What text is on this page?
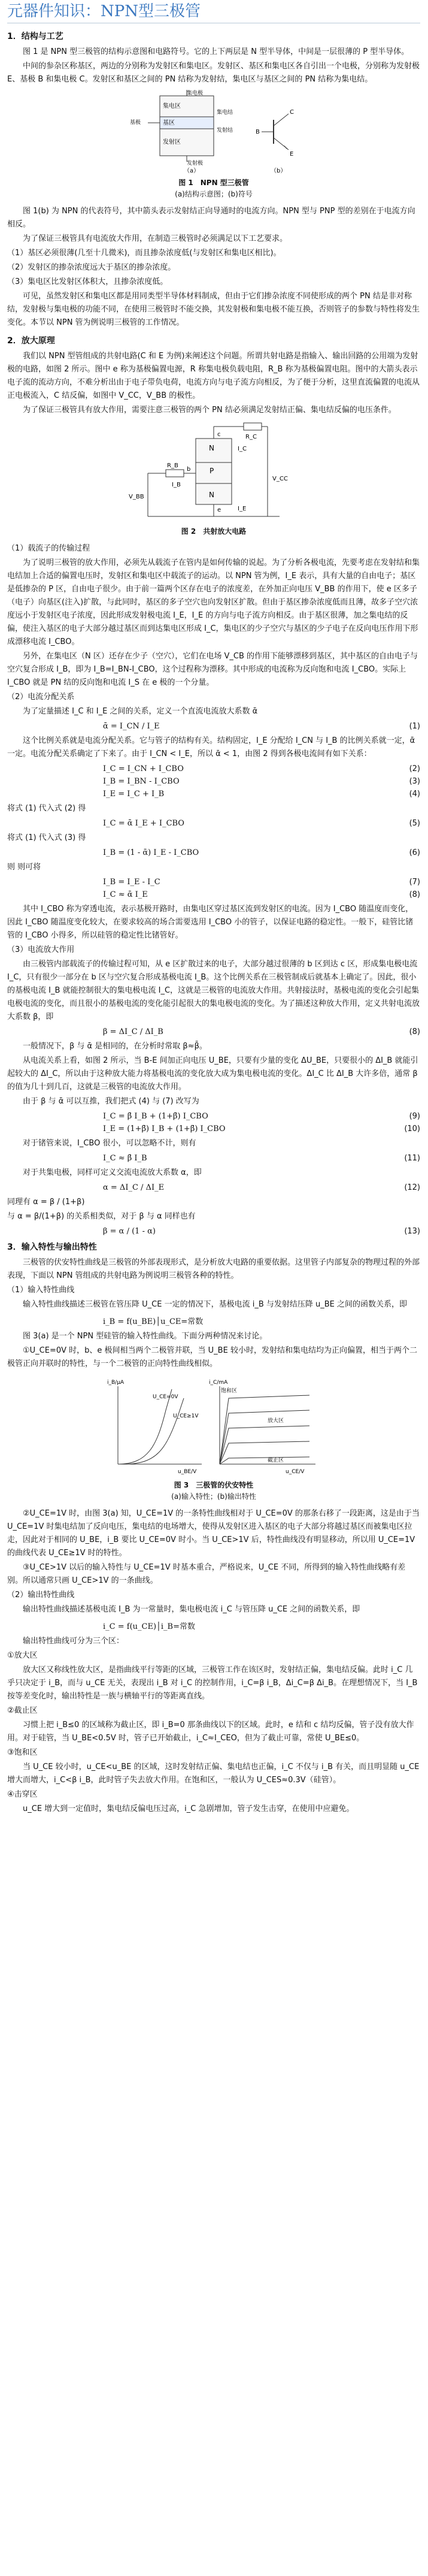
元器件知识：NPN型三极管
1．结构与工艺

图 1 是 NPN 型三极管的结构示意图和电路符号。它的上下两层是 N 型半导体，中间是一层很薄的 P 型半导体。

中间的参杂区称基区，两边的分别称为发射区和集电区。发射区、基区和集电区各自引出一个电极，分别称为发射极 E、基极 B 和集电极 C。发射区和基区之间的 PN 结称为发射结，集电区与基区之间的 PN 结称为集电结。

集电区
基区
发射区
集电极
集电结
基极
发射结
发射极
（a）
B
C
E
（b）
图 1　NPN 型三极管
(a)结构示意图；(b)符号

图 1(b) 为 NPN 的代表符号，其中箭头表示发射结正向导通时的电流方向。NPN 型与 PNP 型的差别在于电流方向相反。

为了保证三极管具有电流放大作用，在制造三极管时必须满足以下工艺要求。

（1）基区必须很薄(几至十几微米)，而且掺杂浓度低(与发射区和集电区相比)。

（2）发射区的掺杂浓度远大于基区的掺杂浓度。

（3）集电区比发射区体积大，且掺杂浓度低。

可见，虽然发射区和集电区都是用同类型半导体材料制成，但由于它们掺杂浓度不同使形成的两个 PN 结是非对称结，发射极与集电极的功能不同，在使用三极管时不能交换，其发射极和集电极不能互换，否则管子的参数与特性将发生变化。本节以 NPN 管为例说明三极管的工作情况。

2．放大原理

我们以 NPN 型管组成的共射电路(C 和 E 为例)来阐述这个问题。所谓共射电路是指输入、输出回路的公用端为发射极的电路，如图 2 所示。图中 e 称为基极偏置电源，R 称集电极负载电阻，R_B 称为基极偏置电阻。图中的大箭头表示电子流的流动方向，不难分析出由于电子带负电荷，电流方向与电子流方向相反，为了便于分析，这里直流偏置的电流从正电极流入，C 结反偏，如图中 V_CC，V_BB 的极性。

为了保证三极管具有放大作用，需要注意三极管的两个 PN 结必须满足发射结正偏、集电结反偏的电压条件。

N
P
N
R_B
R_C
V_BB
V_CC
b
c
e
I_C
I_B
I_E
图 2　共射放大电路

（1）载流子的传输过程

为了说明三极管的放大作用，必须先从载流子在管内是如何传输的说起。为了分析各极电流，先要考虑在发射结和集电结加上合适的偏置电压时，发射区和集电区中载流子的运动。以 NPN 管为例，I_E 表示，具有大量的自由电子；基区是低掺杂的 P 区，自由电子很少。由于前一篇两个区存在电子的浓度差，在外加正向电压 V_BB 的作用下，使 e 区多子（电子）向基区(注入)扩散，与此同时，基区的多子空穴也向发射区扩散。但由于基区掺杂浓度低而且薄，故多子空穴浓度远小于发射区电子浓度，因此形成发射极电流 I_E，I_E 的方向与电子流方向相反。由于基区很薄，加之集电结的反偏，使注入基区的电子大部分越过基区而到达集电区形成 I_C，集电区的少子空穴与基区的少子电子在反向电压作用下形成漂移电流 I_CBO。

另外，在集电区（N 区）还存在少子（空穴），它们在电场 V_CB 的作用下能够漂移到基区，其中基区的自由电子与空穴复合形成 I_B，即为 I_B=I_BN-I_CBO，这个过程称为漂移。其中形成的电流称为反向饱和电流 I_CBO。实际上 I_CBO 就是 PN 结的反向饱和电流 I_S 在 e 极的一个分量。

（2）电流分配关系

为了定量描述 I_C 和 I_E 之间的关系，定义一个直流电流放大系数 ᾱ

ᾱ = I_CN / I_E	(1)

这个比例关系就是电流分配关系。它与管子的结构有关。结构固定，I_E 分配给 I_CN 与 I_B 的比例关系就一定，ᾱ 一定。电流分配关系确定了下来了。由于 I_CN < I_E，所以 ᾱ < 1，由图 2 得到各极电流间有如下关系：

I_C = I_CN + I_CBO	(2)
I_B = I_BN - I_CBO	(3)
I_E = I_C + I_B	(4)

将式 (1) 代入式 (2) 得

I_C = ᾱ I_E + I_CBO	(5)

将式 (1) 代入式 (3) 得

I_B = (1 - ᾱ) I_E - I_CBO	(6)

则 则可将

I_B = I_E - I_C	(7)
I_C ≈ ᾱ I_E	(8)

其中 I_CBO 称为穿透电流，表示基极开路时，由集电区穿过基区流到发射区的电流。因为 I_CBO 随温度而变化，因此 I_CBO 随温度变化较大，在要求较高的场合需要选用 I_CBO 小的管子，以保证电路的稳定性。一般下，硅管比锗管的 I_CBO 小得多，所以硅管的稳定性比锗管好。

（3）电流放大作用

由三极管内部载流子的传输过程可知，从 e 区扩散过来的电子，大部分越过很薄的 b 区到达 c 区，形成集电极电流 I_C，只有很少一部分在 b 区与空穴复合形成基极电流 I_B。这个比例关系在三极管制成后就基本上确定了。因此，很小的基极电流 I_B 就能控制很大的集电极电流 I_C，这就是三极管的电流放大作用。共射接法时，基极电流的变化会引起集电极电流的变化，而且很小的基极电流的变化能引起很大的集电极电流的变化。为了描述这种放大作用，定义共射电流放大系数 β，即

β = ΔI_C / ΔI_B	(8)

一般情况下，β 与 ᾱ 是相同的，在分析时常取 β≈β̄。

从电流关系上看，如图 2 所示，当 B-E 间加正向电压 U_BE，只要有少量的变化 ΔU_BE，只要很小的 ΔI_B 就能引起较大的 ΔI_C，所以由于这种放大能力将基极电流的变化放大成为集电极电流的变化。ΔI_C 比 ΔI_B 大许多倍，通常 β 的值为几十到几百，这就是三极管的电流放大作用。

由于 β 与 ᾱ 可以互推，我们把式 (4) 与 (7) 改写为

I_C = β̄ I_B + (1+β̄) I_CBO	(9)
I_E = (1+β̄) I_B + (1+β̄) I_CBO	(10)

对于锗管来说，I_CBO 很小，可以忽略不计，则有

I_C ≈ β̄ I_B	(11)

对于共集电极，同样可定义交流电流放大系数 α，即

α = ΔI_C / ΔI_E	(12)

同理有 α = β / (1+β)

与 α = β/(1+β) 的关系相类似，对于 β 与 α 同样也有

β = α / (1 - α)	(13)
3．输入特性与输出特性

三极管的伏安特性曲线是三极管的外部表现形式，是分析放大电路的重要依据。这里管子内部复杂的物理过程的外部表现，下面以 NPN 管组成的共射电路为例说明三极管各种的特性。

（1）输入特性曲线

输入特性曲线描述三极管在管压降 U_CE 一定的情况下，基极电流 i_B 与发射结压降 u_BE 之间的函数关系，即

i_B = f(u_BE)│u_CE=常数

图 3(a) 是一个 NPN 型硅管的输入特性曲线。下面分两种情况来讨论。

①U_CE=0V 时，b、e 极间相当两个二极管并联，当 U_BE 较小时，发射结和集电结均为正向偏置，相当于两个二极管正向并联时的特性，与一个二极管的正向特性曲线相似。

U_CE=0V
U_CE≥1V
u_BE/V
i_B/μA
放大区
饱和区
截止区
u_CE/V
i_C/mA
图 3　三极管的伏安特性
(a)输入特性；(b)输出特性

②U_CE=1V 时，由图 3(a) 知，U_CE=1V 的一条特性曲线相对于 U_CE=0V 的那条右移了一段距离，这是由于当 U_CE=1V 时集电结加了反向电压，集电结的电场增大，使得从发射区进入基区的电子大部分将越过基区而被集电区拉走，因此对于相同的 U_BE，i_B 要比 U_CE=0V 时小。当 U_CE>1V 后，特性曲线没有明显移动，所以用 U_CE=1V 的曲线代表 U_CE≥1V 时的特性。

③U_CE>1V 以后的输入特性与 U_CE=1V 时基本重合，严格说来，U_CE 不同，所得到的输入特性曲线略有差别。所以通常只画 U_CE>1V 的一条曲线。

（2）输出特性曲线

输出特性曲线描述基极电流 I_B 为一常量时，集电极电流 i_C 与管压降 u_CE 之间的函数关系，即

i_C = f(u_CE)│i_B=常数

输出特性曲线可分为三个区：

①放大区

放大区又称线性放大区，是指曲线平行等距的区域，三极管工作在该区时，发射结正偏，集电结反偏。此时 i_C 几乎只决定于 i_B，而与 u_CE 无关，表现出 i_B 对 i_C 的控制作用，i_C=β i_B，Δi_C=β Δi_B。在理想情况下，当 I_B 按等差变化时，输出特性是一族与横轴平行的等距离直线。

②截止区

习惯上把 i_B≤0 的区域称为截止区，即 i_B=0 那条曲线以下的区域。此时，e 结和 c 结均反偏，管子没有放大作用。对于硅管，当 U_BE<0.5V 时，管子已开始截止，i_C≈I_CEO，但为了截止可靠，常使 U_BE≤0。

③饱和区

当 U_CE 较小时，u_CE<u_BE 的区域，这时发射结正偏、集电结也正偏，i_C 不仅与 i_B 有关，而且明显随 u_CE 增大而增大，i_C<β i_B，此时管子失去放大作用。在饱和区，一般认为 U_CES≈0.3V（硅管）。

④击穿区

u_CE 增大到一定值时，集电结反偏电压过高，i_C 急剧增加，管子发生击穿，在使用中应避免。
